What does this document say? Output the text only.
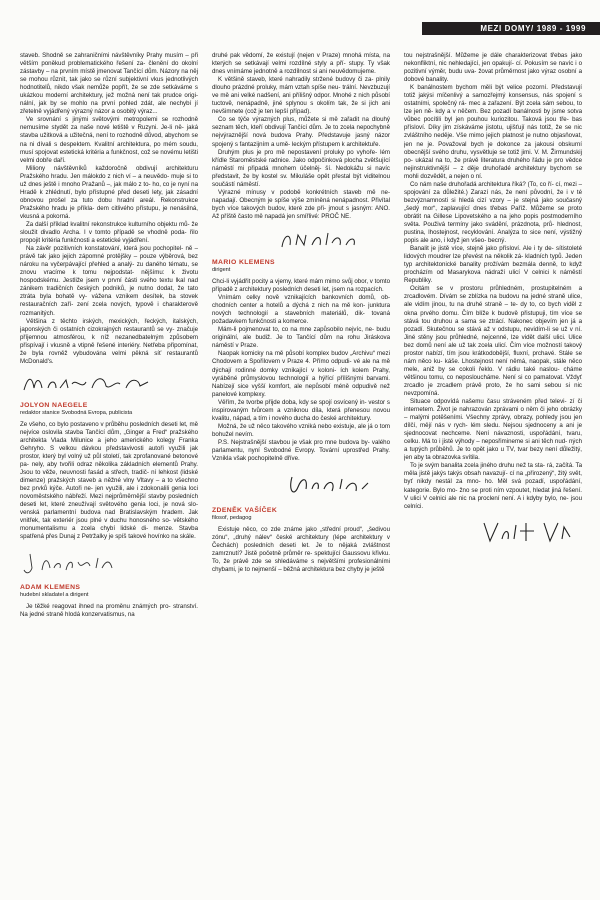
MEZI DOMY/ 1989 - 1999

staveb. Shodně se zahraničními návštěvníky Prahy musím – při větším poněkud problematického řešení za- členění do okolní zástavby – na prvním místě jmenovat Tančící dům. Názory na něj se mohou různit, tak jako se různí subjektivní vkus jednotlivých hodnotitelů, nikdo však nemůže popřít, že se zde setkáváme s ukázkou moderní architektury, jež možná není tak prudce origi- nální, jak by se mohlo na první pohled zdát, ale nechybí jí zřetelně vyjádřený výrazný názor a osobitý výraz...

Ve srovnání s jinými světovými metropolemi se rozhodně nemusíme stydět za naše nové letiště v Ruzyni. Je-li ně- jaká stavba užitková a užitečná, není to rozhodně důvod, abychom se na ni dívali s despektem. Kvalitní architektura, po mém soudu, musí spojovat estetická kritéria a funkčnost, což se novému letišti velmi dobře daří.

Miliony návštěvníků každoročně obdivují architekturu Pražského hradu. Jen málokdo z nich ví – a neuvědo- muje si to už dnes ještě i mnoho Pražanů –, jak málo z to- ho, co je nyní na Hradě k zhlédnutí, bylo přístupné před deseti lety, jak zásadní obnovou prošel za tuto dobu hradní areál. Rekonstrukce Pražského hradu je příkla- dem citlivého přístupu, je nenásilná, vkusná a pokorná.

Za další příklad kvalitní rekonstrukce kulturního objektu mů- že sloužit divadlo Archa. I v tomto případě se vhodně poda- řilo propojit kritéria funkčnosti a estetické vyjádření.

Na závěr pozitivních konstatování, která jsou pochopitel- ně – právě tak jako jejich zápomné protějšky – pouze výběrová, bez nároku na vyčerpávající přehled a analý- zu daného tématu, se znovu vracíme k tomu nejpodstat- nějšímu: k životu hospodskému. Jestliže jsem v první části svého textu lkal nad zánikem tradičních českých podniků, je nutno dodat, že tato ztráta byla bohatě vy- vážena vznikem desítek, ba stovek restauračních zaří- zení zcela nových, typově i charakterově rozmanitých.

Většina z těchto irských, mexických, řeckých, italských, japonských či ostatních cizokrajných restaurantů se vy- značuje příjemnou atmosférou, k níž nezanedbatelným způsobem přispívají i vkusně a vtipně řešené interiéry. Netřeba připomínat, že byla rovněž vybudována velmi pěkná síť restaurantů McDonald's.

JOLYON NAEGELE
redaktor stanice Svobodná Evropa, publicista

Ze všeho, co bylo postaveno v průběhu posledních deseti let, mě nejvíce oslovila stavba Tančící dům, „Ginger a Fred“ pražského architekta Vlada Milunice a jeho amerického kolegy Franka Gehryho. S velkou dávkou představivosti autoři využili jak prostor, který byl volný už půl století, tak zprofanované betonové pa- nely, aby tvořili odraz několika základních elementů Prahy. Jsou to věže, neuvnosti fasád a střech, tradič- ní lehkost (lidské dimenze) pražských staveb a něžné vlny Vltavy – a to všechno bez prvků kýče. Autoři ne- jen využili, ale i zdokonalili genia loci novoměstského nábřeží. Mezi nejprůměrnější stavby posledních deseti let, které zneužívají světového genia loci, je nová slo- venská parlamentní budova nad Bratislavským hradem. Jak vnitřek, tak exteriér jsou plné v duchu honosného so- větského monumentalismu a zcela chybí lidské di- menze. Stavba spatřená přes Dunaj z Petržalky je spíš takové hovínko na skále.

ADAM KLEMENS
hudební skladatel a dirigent

Je těžké reagovat ihned na proměnu známých pro- stranství. Na jedné straně hlodá konzervatismus, na

druhé pak vědomí, že existují (nejen v Praze) mnohá místa, na kterých se setkávají velmi rozdílné styly a pří- stupy. Ty však dnes vnímáme jednotně a rozdílnost si ani neuvědomujeme.

K většině staveb, které nahradily stržené budovy či za- plnily dlouho prázdné proluky, mám vztah spíše neu- trální. Nevzbuzují ve mě ani velké nadšení, ani přílišný odpor. Mnohé z nich působí tuctově, nenápadně, jiné splynou s okolím tak, že si jich ani nevšimnete (což je ten lepší případ).

Co se týče výrazných plus, můžete si mě zařadit na dlouhý seznam těch, kteří obdivují Tančící dům. Je to zcela nepochybně nejvýraznější nová budova Prahy. Představuje jasný názor spojený s fantazijním a umě- leckým přístupem k architektuře.

Druhým plus je pro mě nepostavení proluky po vyhoře- lém křídle Staroměstské radnice. Jako odpočinková plocha zvětšující náměstí mi připadá mnohem účelněj- ší. Nedokážu si navíc představit, že by kostel sv. Mikuláše opět přestal být viditelnou součástí náměstí.

Výrazné mínusy v podobě konkrétních staveb mě ne- napadají. Obecným je spíše výše zmíněná nenápadnost. Přivítal bych více takových budov, které zde při- jmout s jasným: ANO. Až příště často mě napadá jen smířlivé: PROČ NE.

MARIO KLEMENS
dirigent

Chci-li vyjádřit pocity a vjemy, které mám mimo svůj obor, v tomto případě z architektury posledních deseti let, jsem na rozpacích.

Vnímám celky nově vznikajících bankovních domů, ob- chodních center a hotelů a dýchá z nich na mě kon- junktura nových technologií a stavebních materiálů, dik- tovaná požadavkem funkčnosti a komerce.

Mám-li pojmenovat to, co na mne zapůsobilo nejvíc, ne- budu originální, ale budiž. Je to Tančící dům na rohu Jiráskova náměstí v Praze.

Naopak komicky na mě působí komplex budov „Archivu“ mezi Chodovem a Spořilovem v Praze 4. Přímo odpudi- vé ale na mě dýchají rodinné domky vznikající v koloni- ích kolem Prahy, vyráběné průmyslovou technologií a hýřící přílišnými barvami. Nabízejí sice vyšší komfort, ale nepůsobí méně odpudivě než panelové komplexy.

Věřím, že tvorbe přijde doba, kdy se spojí osvícený in- vestor s inspirovaným tvůrcem a vzniknou díla, která přenesou novou kvalitu, nápad, a tím i nového ducha do české architektury.

Možná, že už něco takového vzniká nebo existuje, ale já o tom bohužel nevím.

P.S. Nejstrašnější stavbou je však pro mne budova by- valého parlamentu, nyní Svobodné Evropy. Tovární uprostřed Prahy. Vznikla však pochopitelně dříve.

ZDENĚK VAŠÍČEK
filosof, pedagog

Existuje něco, co zde známe jako „střední proud“, „šedivou zónu“, „druhý nálev“ české architektury (lépe architektury v Čechách) posledních deseti let. Je to nějaká zvláštnost zamrznutí? Jistě početně průměr re- spektující Gaussovu křivku. To, že právě zde se shledáváme s největšími profesionálními chybami, je to nejmenší – běžná architektura bez chyby je ještě

tou nejstrašnější. Můžeme je dále charakterizovat třebas jako nekonfliktní, nic nehledající, jen opakují- cí. Pokusím se navíc i o pozitivní výměr, budu uva- žovat průměrnost jako výraz osobní a dobové banality.

K banálnostem bychom měli být velice pozorní. Představují totiž jakýsi míčenlivý a samozřejmý konsensus, nás spojení s ostatními, společný rá- mec a zařazení. Být zcela sám sebou, to lze jen ně- kdy a v něčem. Bez pozadí banálnosti by jsme sotva vůbec pocítili byl jen pouhou kuriozitou. Taková jsou tře- bas přísloví. Díky jim získáváme jistotu, ujišťují nás totiž, že se nic zvláštního neděje. Vše mimo jejich platnost je nutno objasňovat, jen ne je. Považoval bych je dokonce za jakousi obskurní obecnější svého druhu, vysvětluje se totiž jimi. V. M. Žirmundskij po- ukázal na to, že právě literatura druhého řádu je pro vědce nejinstruktivnější – z děje druhořadé architektury bychom se mohli dozvědět, a nejen o ní.

Co nám naše druhořadá architektura říká? (To, co ří- cí, mezi – spojování za důležité.) Zarazí nás, že není původní, že i v té bezvýznamnosti si hledá cizí vzory – je stejná jako současný „šedý mor“, zaplavující dnes třebas Paříž. Můžeme se proto obrátit na Gillese Lipovetského a na jeho popis postmoderního světa. Použivá termíny jako svádění, prázdnota, prů- hlednost, pustina, lhostejnost, recyklování. Analýza to sice není, výstižný popis ale ano, i když jen všeo- becný.

Banalit je jistě více, stejně jako přísloví. Ale i ty de- sítistoleté lidových moudrer lze převést na několik zá- kladních typů. Jeden typ architektonické banality prožívám bezmála denně, to když procházím od Masarykova nádraží ulicí V celnici k náměstí Republiky.

Ocitám se v prostoru průhledném, prostupitelném a zrcadlovém. Dívám se zblízka na budovu na jedné straně ulice, ale vidím jinou, tu na druhé straně – te- dy to, co bych viděl z okna prvého domu. Čím blíže k budově přistupuji, tím více se stává tou druhou a sama se ztrácí. Nakonec objevím jen já a pozadí. Skutečnou se stává až v odstupu, nevidím-li se už v ní. Jiné stěny jsou průhledné, nejcenné, lze vidět další ulici. Ulice bez domů není ale už tak zcela ulicí. Čím více možností takový prostor nabízí, tím jsou krátkodobější, fluxní, prchavé. Stále se nám něco ku- káše. Lhostejnost není němá, naopak, stále něco mele, aniž by se cokoli řeklo. V rádiu také naslou- cháme většinou tomu, co neposloucháme. Není si co pamatovat. Vždyť zrcadlo je zrcadlem právě proto, že ho sami sebou si nic nevzpomíná.

Situace odpovídá našemu času stráveném před televi- zí či internetem. Život je nahrazován zprávami o něm či jeho obrázky – malými potěšeními. Všechny zprávy, obrazy, pohledy jsou jen dílčí, mějí nás v rych- lém sledu. Nejsou sjednoceny a ani je sjednocovat nechceme. Není návaznosti, uspořádání, tvaru, celku. Má to i jisté výhody – neposřimineme si ani těch nud- ných a tupých průběhů. Je to opět jako u TV, tvar bezy není důležitý, jen aby ta obrazovka svítila.

To je svým banalita zcela jiného druhu než ta sta- rá, začítá. Ta měla jistě jakýs takýs obsah navazují- cí na „přirozený“, žitý svět, byť nikdy nestál za mno- ho. Měl svá pozadí, uspořádání, kategorie. Bylo mo- žno se proti ním vzpoutet, hledat jiná řešení. V ulici V celnici ale nic na proclení není. A i kdyby bylo, ne- jsou celníci.
